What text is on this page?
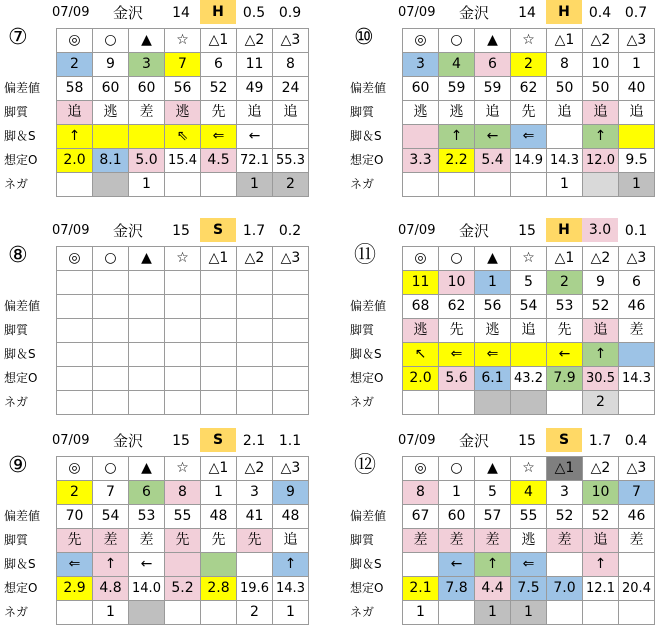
⑦
07/09	金沢	14	H	0.5 0.9
偏差値
脚質
脚＆S
想定O
ネガ
◎	○	▲	☆	△1	△2	△3
2	9	3	7	6	11	8
58	60	60	56	52	49	24
追	逃	差	逃	先	追	追
↑			⇖	⇐	←	
2.0	8.1	5.0	15.4	4.5	72.1	55.3
		1			1	2
⑩
07/09	金沢	14	H	0.4 0.7
偏差値
脚質
脚＆S
想定O
ネガ
◎	○	▲	☆	△1	△2	△3
3	4	6	2	8	10	1
60	59	59	62	50	50	40
逃	逃	追	先	追	追	追
	↑	←	⇐		↑	
3.3	2.2	5.4	14.9	14.3	12.0	9.5
				1		1
⑧
07/09	金沢	15	S	1.7 0.2
偏差値
脚質
脚＆S
想定O
ネガ
◎	○	▲	☆	△1	△2	△3

						⑪
07/09	金沢	15	H	3.0 0.1
偏差値
脚質
脚＆S
想定O
ネガ
◎	○	▲	☆	△1	△2	△3
11	10	1	5	2	9	6
68	62	56	54	53	52	46
逃	先	逃	追	先	追	差
↖	⇐	⇐		←	↑	
2.0	5.6	6.1	43.2	7.9	30.5	14.3
					2	
⑨
07/09	金沢	15	S	2.1 1.1
偏差値
脚質
脚＆S
想定O
ネガ
◎	○	▲	☆	△1	△2	△3
2	7	6	8	1	3	9
70	54	53	55	48	41	48
先	差	差	先	先	先	追
⇐	↑	←				↑
2.9	4.8	14.0	5.2	2.8	19.6	14.3
	1				2	1
⑫
07/09	金沢	15	S	1.7 0.4
偏差値
脚質
脚＆S
想定O
ネガ
◎	○	▲	☆	△1	△2	△3
8	1	5	4	3	10	7
67	60	57	55	52	52	46
差	差	差	逃	差	追	差
	←	↑	⇐		↑	
2.1	7.8	4.4	7.5	7.0	12.1	20.4
1		1	1			
